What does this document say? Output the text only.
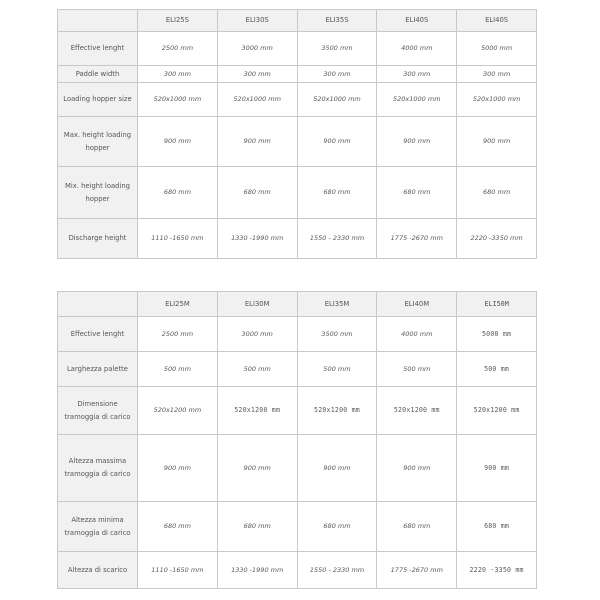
	ELI25S	ELI30S	ELI35S	ELI40S	ELI40S
Effective lenght	2500 mm	3000 mm	3500 mm	4000 mm	5000 mm
Paddle width	300 mm	300 mm	300 mm	300 mm	300 mm
Loading hopper size	520x1000 mm	520x1000 mm	520x1000 mm	520x1000 mm	520x1000 mm
Max. height loading hopper	900 mm	900 mm	900 mm	900 mm	900 mm
Mix. height loading hopper	680 mm	680 mm	680 mm	680 mm	680 mm
Discharge height	1110 -1650 mm	1330 -1990 mm	1550 - 2330 mm	1775 -2670 mm	2220 -3350 mm
	ELI25M	ELI30M	ELI35M	ELI40M	ELI50M
Effective lenght	2500 mm	3000 mm	3500 mm	4000 mm	5000 mm
Larghezza palette	500 mm	500 mm	500 mm	500 mm	500 mm
Dimensione tramoggia di carico	520x1200 mm	520x1200 mm	520x1200 mm	520x1200 mm	520x1200 mm
Altezza massima tramoggia di carico	900 mm	900 mm	900 mm	900 mm	900 mm
Altezza minima tramoggia di carico	680 mm	680 mm	680 mm	680 mm	680 mm
Altezza di scarico	1110 -1650 mm	1330 -1990 mm	1550 - 2330 mm	1775 -2670 mm	2220 -3350 mm
